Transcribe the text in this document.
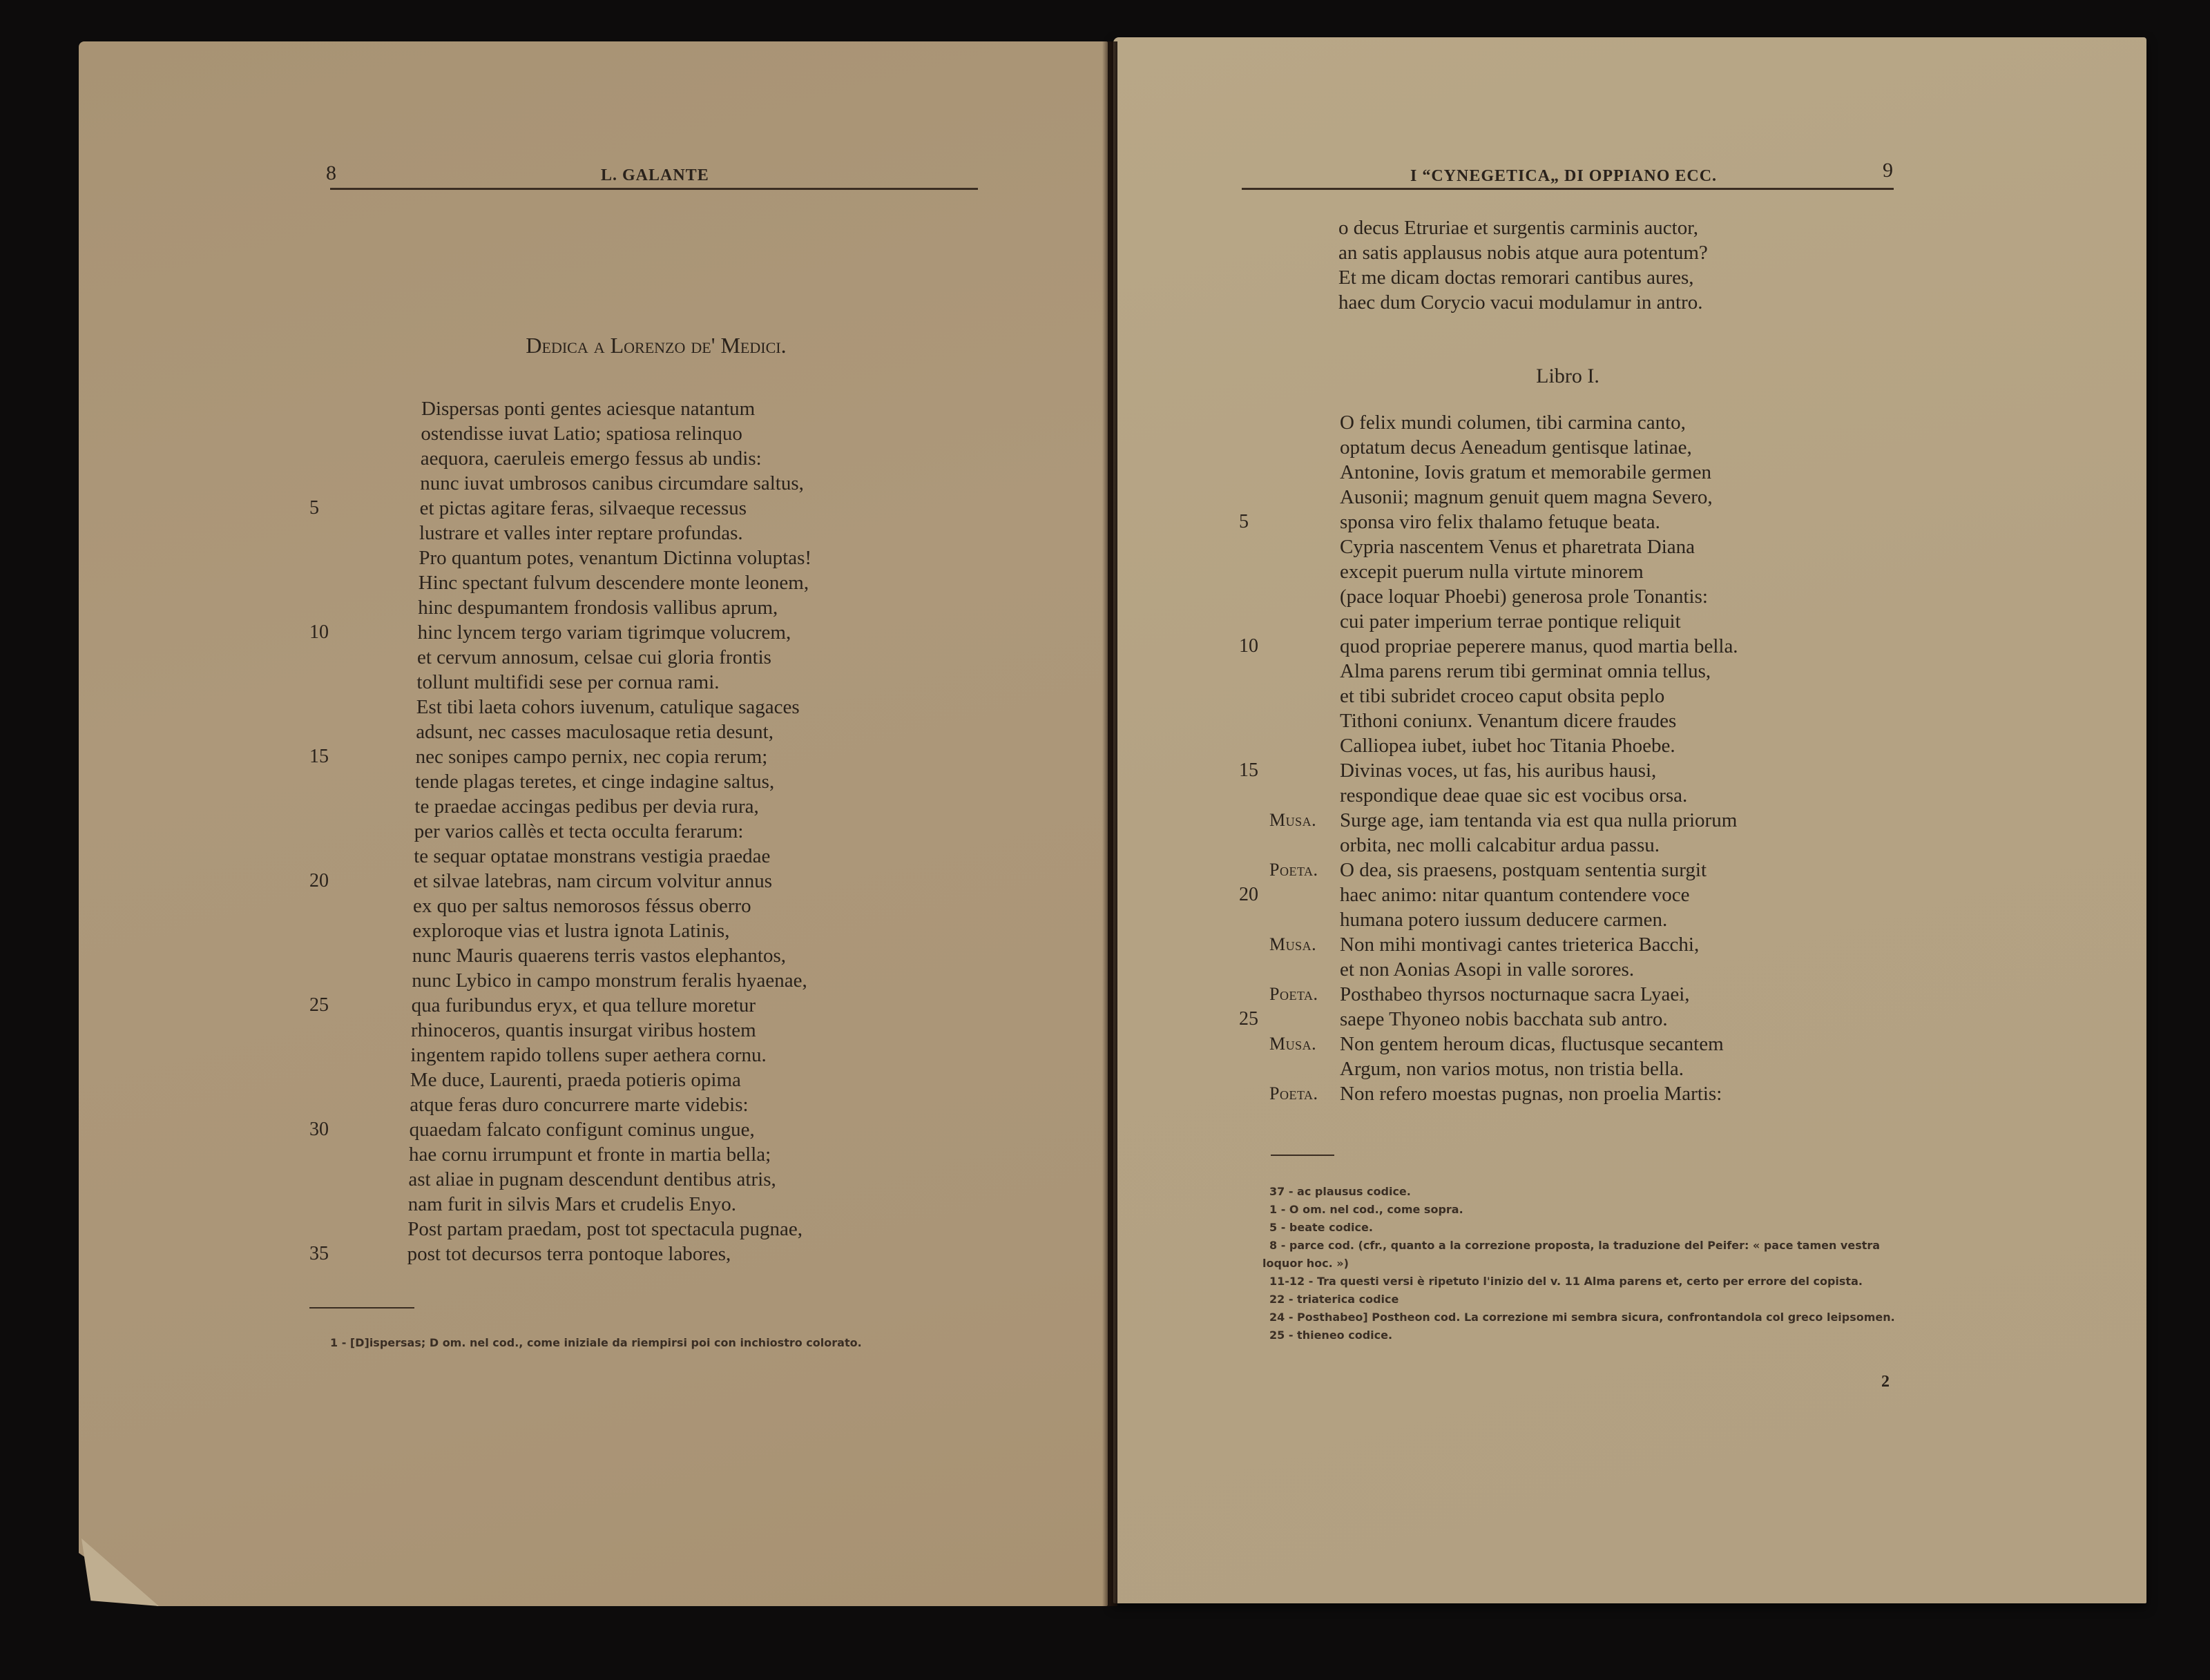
8	L. GALANTE
Dedica a Lorenzo de' Medici.
Dispersas ponti gentes aciesque natantum
ostendisse iuvat Latio; spatiosa relinquo
aequora, caeruleis emergo fessus ab undis:
nunc iuvat umbrosos canibus circumdare saltus,
5	et pictas agitare feras, silvaeque recessus
lustrare et valles inter reptare profundas.
Pro quantum potes, venantum Dictinna voluptas!
Hinc spectant fulvum descendere monte leonem,
hinc despumantem frondosis vallibus aprum,
10	hinc lyncem tergo variam tigrimque volucrem,
et cervum annosum, celsae cui gloria frontis
tollunt multifidi sese per cornua rami.
Est tibi laeta cohors iuvenum, catulique sagaces
adsunt, nec casses maculosaque retia desunt,
15	nec sonipes campo pernix, nec copia rerum;
tende plagas teretes, et cinge indagine saltus,
te praedae accingas pedibus per devia rura,
per varios callès et tecta occulta ferarum:
te sequar optatae monstrans vestigia praedae
20	et silvae latebras, nam circum volvitur annus
ex quo per saltus nemorosos féssus oberro
exploroque vias et lustra ignota Latinis,
nunc Mauris quaerens terris vastos elephantos,
nunc Lybico in campo monstrum feralis hyaenae,
25	qua furibundus eryx, et qua tellure moretur
rhinoceros, quantis insurgat viribus hostem
ingentem rapido tollens super aethera cornu.
Me duce, Laurenti, praeda potieris opima
atque feras duro concurrere marte videbis:
30	quaedam falcato configunt cominus ungue,
hae cornu irrumpunt et fronte in martia bella;
ast aliae in pugnam descendunt dentibus atris,
nam furit in silvis Mars et crudelis Enyo.
Post partam praedam, post tot spectacula pugnae,
35	post tot decursos terra pontoque labores,
1 - [D]ispersas; D om. nel cod., come iniziale da riempirsi poi con inchiostro colorato.
I “CYNEGETICA„ DI OPPIANO ECC.	9
o decus Etruriae et surgentis carminis auctor,
an satis applausus nobis atque aura potentum?
Et me dicam doctas remorari cantibus aures,
haec dum Corycio vacui modulamur in antro.
Libro I.
O felix mundi columen, tibi carmina canto,
optatum decus Aeneadum gentisque latinae,
Antonine, Iovis gratum et memorabile germen
Ausonii; magnum genuit quem magna Severo,
5	sponsa viro felix thalamo fetuque beata.
Cypria nascentem Venus et pharetrata Diana
excepit puerum nulla virtute minorem
(pace loquar Phoebi) generosa prole Tonantis:
cui pater imperium terrae pontique reliquit
10	quod propriae peperere manus, quod martia bella.
Alma parens rerum tibi germinat omnia tellus,
et tibi subridet croceo caput obsita peplo
Tithoni coniunx. Venantum dicere fraudes
Calliopea iubet, iubet hoc Titania Phoebe.
15	Divinas voces, ut fas, his auribus hausi,
respondique deae quae sic est vocibus orsa.
Musa. Surge age, iam tentanda via est qua nulla priorum
orbita, nec molli calcabitur ardua passu.
Poeta. O dea, sis praesens, postquam sententia surgit
20	haec animo: nitar quantum contendere voce
humana potero iussum deducere carmen.
Musa. Non mihi montivagi cantes trieterica Bacchi,
et non Aonias Asopi in valle sorores.
Poeta. Posthabeo thyrsos nocturnaque sacra Lyaei,
25	saepe Thyoneo nobis bacchata sub antro.
Musa. Non gentem heroum dicas, fluctusque secantem
Argum, non varios motus, non tristia bella.
Poeta. Non refero moestas pugnas, non proelia Martis:
37 - ac plausus codice.
1 - O om. nel cod., come sopra.
5 - beate codice.
8 - parce cod. (cfr., quanto a la correzione proposta, la traduzione del Peifer: « pace tamen vestra
loquor hoc. »)
11-12 - Tra questi versi è ripetuto l'inizio del v. 11 Alma parens et, certo per errore del copista.
22 - triaterica codice
24 - Posthabeo] Postheon cod. La correzione mi sembra sicura, confrontandola col greco leipsomen.
25 - thieneo codice.
2
